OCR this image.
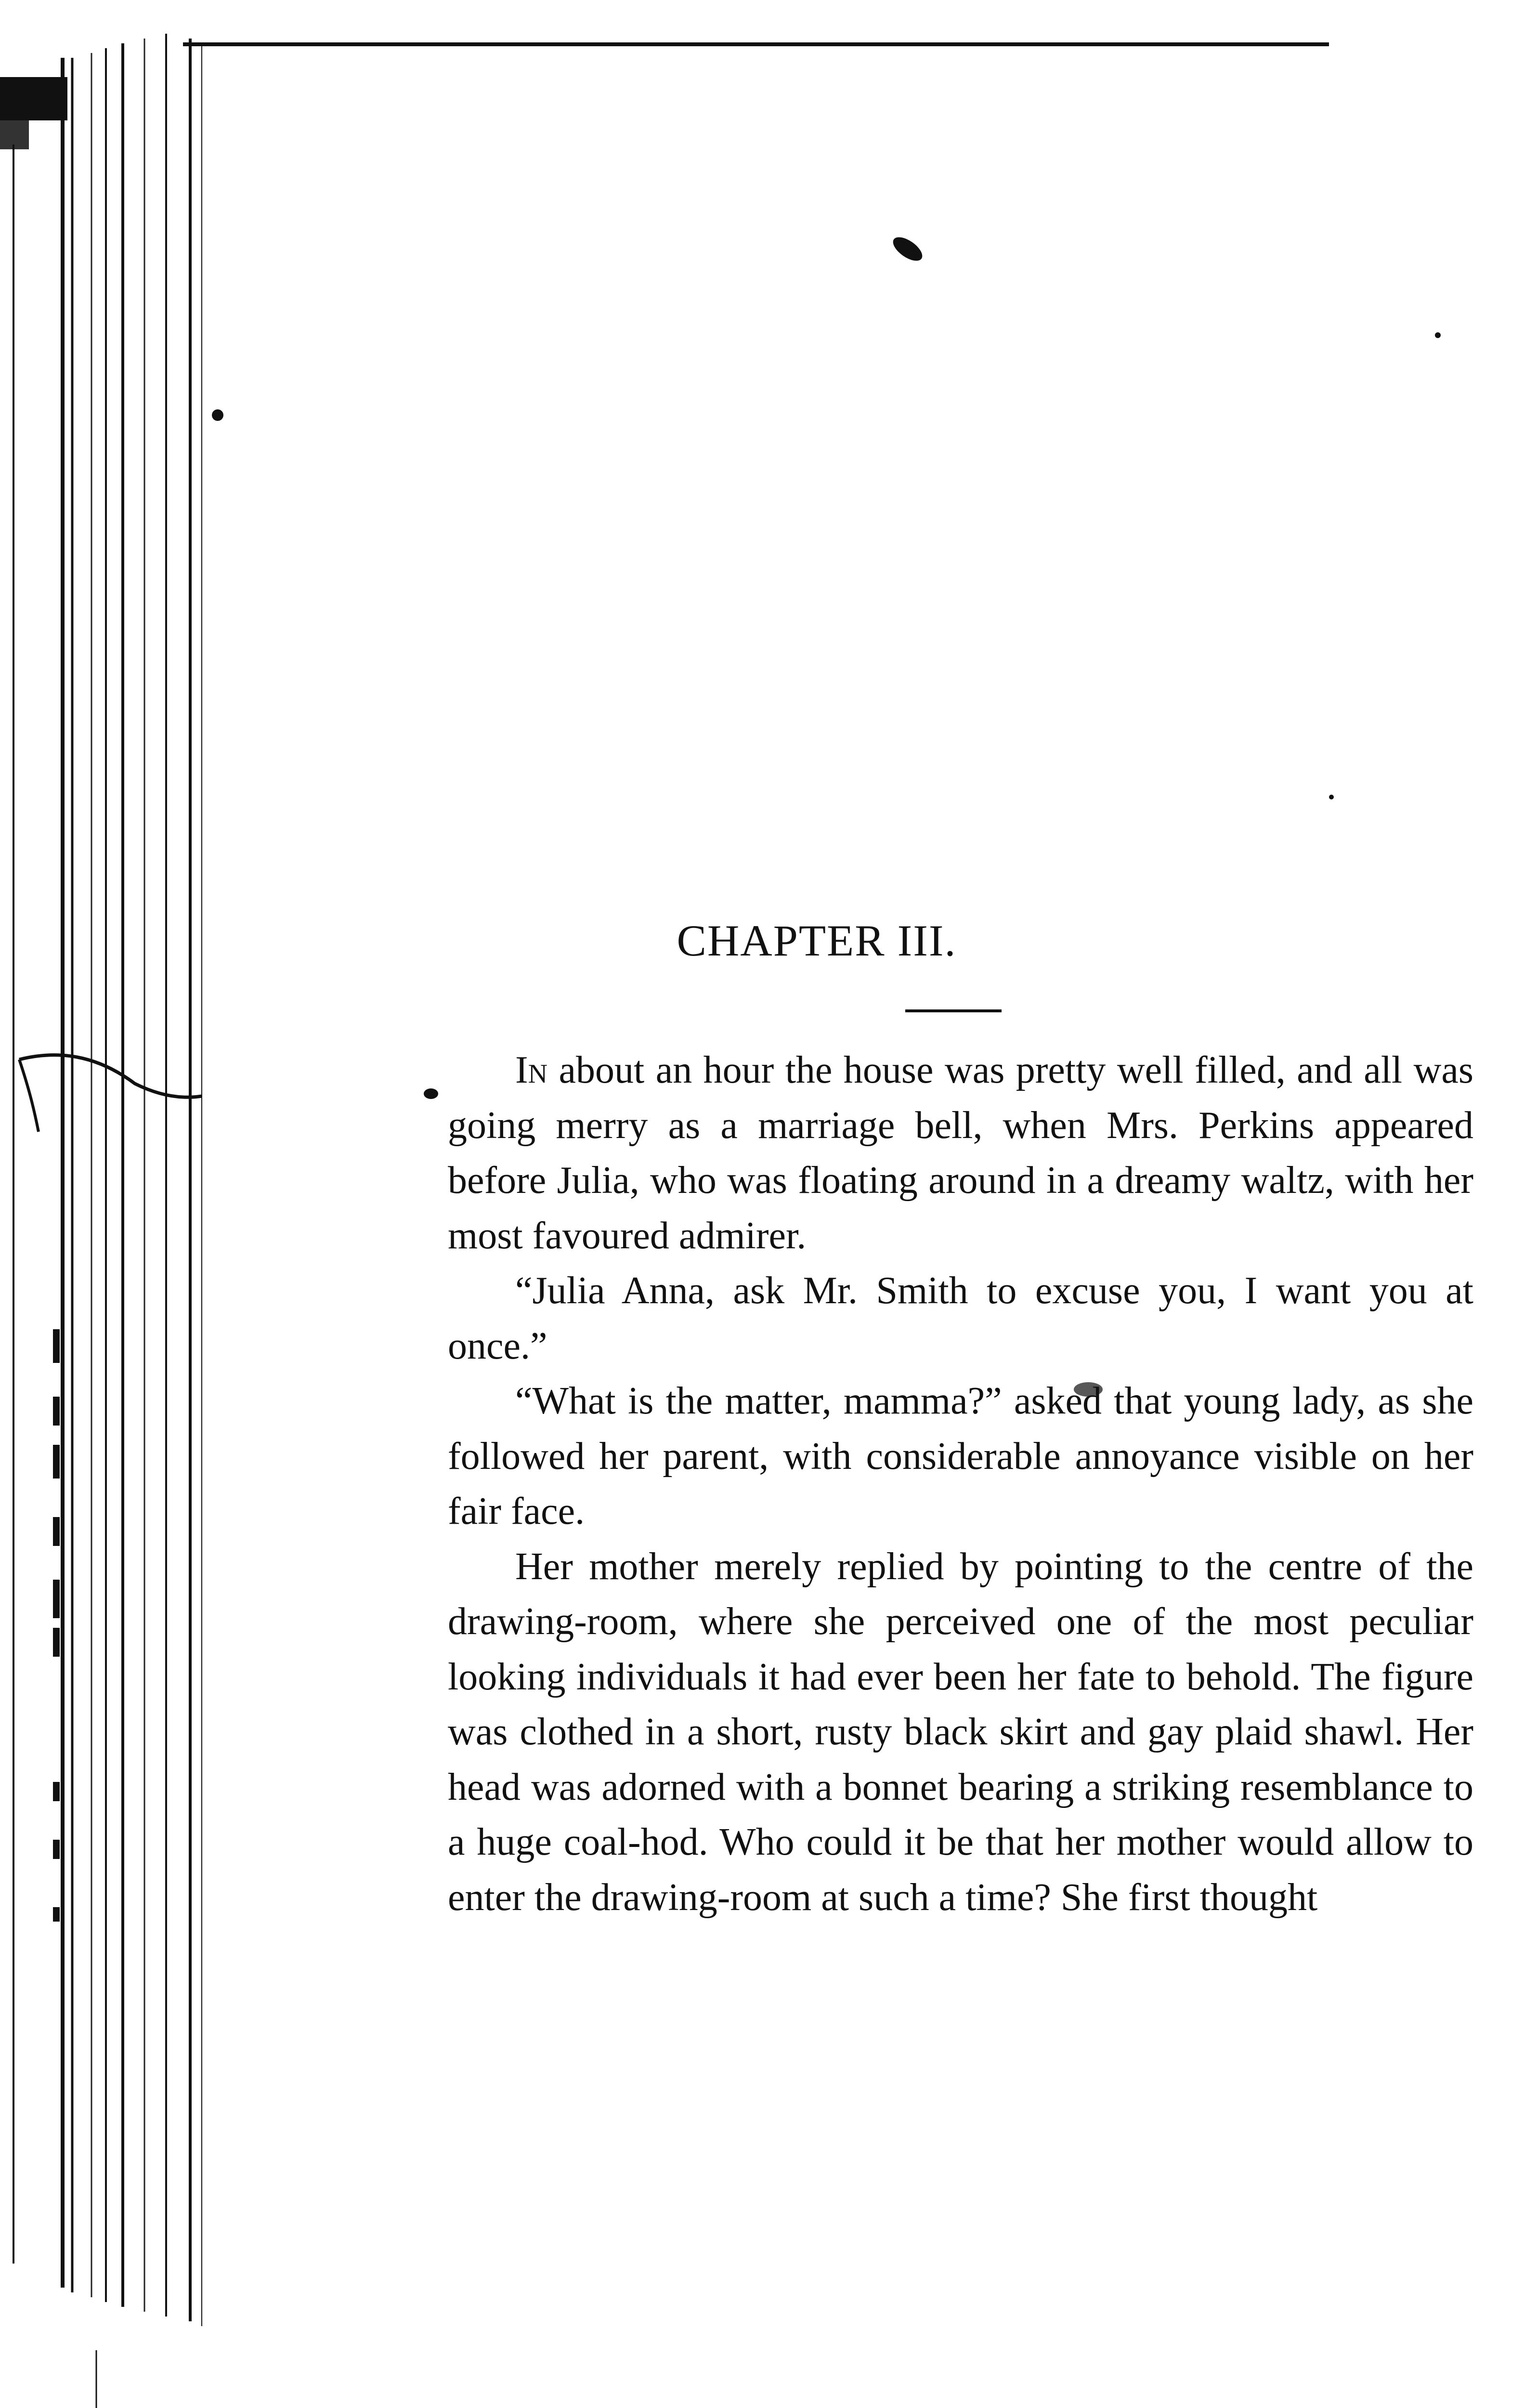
CHAPTER III.

In about an hour the house was pretty well filled, and all was going merry as a marriage bell, when Mrs. Perkins appeared before Julia, who was floating around in a dreamy waltz, with her most favoured admirer.

“Julia Anna, ask Mr. Smith to excuse you, I want you at once.”

“What is the matter, mamma?” asked that young lady, as she followed her parent, with considerable annoyance visible on her fair face.

Her mother merely replied by pointing to the centre of the drawing-room, where she perceived one of the most peculiar looking individuals it had ever been her fate to behold. The figure was clothed in a short, rusty black skirt and gay plaid shawl. Her head was adorned with a bonnet bearing a striking resemblance to a huge coal-hod. Who could it be that her mother would allow to enter the drawing-room at such a time? She first thought
